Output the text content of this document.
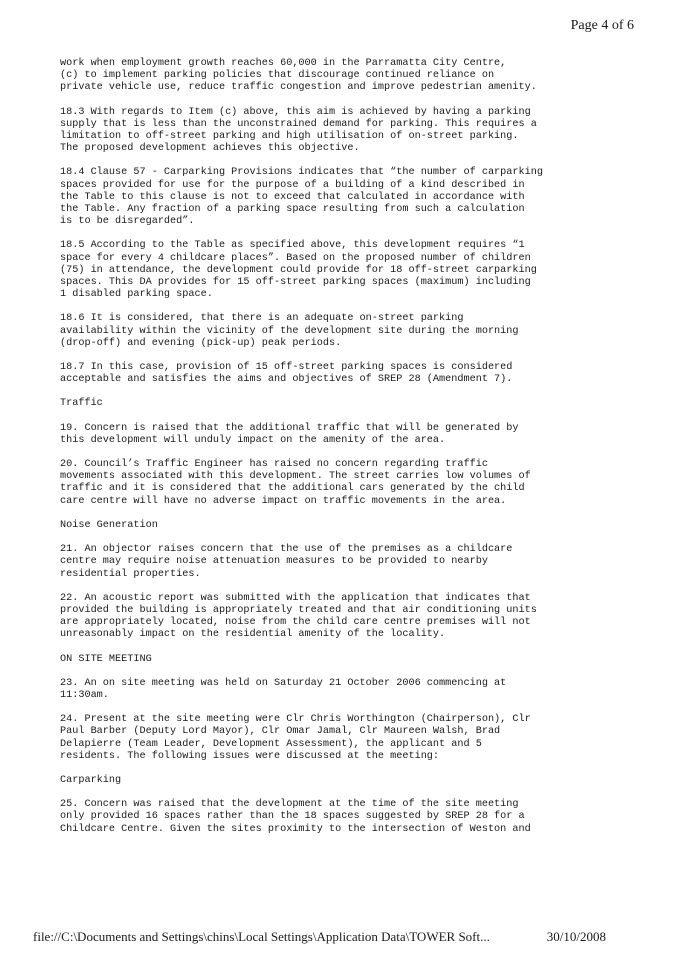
Page 4 of 6

work when employment growth reaches 60,000 in the Parramatta City Centre,
(c) to implement parking policies that discourage continued reliance on
private vehicle use, reduce traffic congestion and improve pedestrian amenity.

18.3 With regards to Item (c) above, this aim is achieved by having a parking
supply that is less than the unconstrained demand for parking. This requires a
limitation to off-street parking and high utilisation of on-street parking.
The proposed development achieves this objective.

18.4 Clause 57 - Carparking Provisions indicates that “the number of carparking
spaces provided for use for the purpose of a building of a kind described in
the Table to this clause is not to exceed that calculated in accordance with
the Table. Any fraction of a parking space resulting from such a calculation
is to be disregarded”.

18.5 According to the Table as specified above, this development requires “1
space for every 4 childcare places”. Based on the proposed number of children
(75) in attendance, the development could provide for 18 off-street carparking
spaces. This DA provides for 15 off-street parking spaces (maximum) including
1 disabled parking space.

18.6 It is considered, that there is an adequate on-street parking
availability within the vicinity of the development site during the morning
(drop-off) and evening (pick-up) peak periods.

18.7 In this case, provision of 15 off-street parking spaces is considered
acceptable and satisfies the aims and objectives of SREP 28 (Amendment 7).

Traffic

19. Concern is raised that the additional traffic that will be generated by
this development will unduly impact on the amenity of the area.

20. Council’s Traffic Engineer has raised no concern regarding traffic
movements associated with this development. The street carries low volumes of
traffic and it is considered that the additional cars generated by the child
care centre will have no adverse impact on traffic movements in the area.

Noise Generation

21. An objector raises concern that the use of the premises as a childcare
centre may require noise attenuation measures to be provided to nearby
residential properties.

22. An acoustic report was submitted with the application that indicates that
provided the building is appropriately treated and that air conditioning units
are appropriately located, noise from the child care centre premises will not
unreasonably impact on the residential amenity of the locality.

ON SITE MEETING

23. An on site meeting was held on Saturday 21 October 2006 commencing at
11:30am.

24. Present at the site meeting were Clr Chris Worthington (Chairperson), Clr
Paul Barber (Deputy Lord Mayor), Clr Omar Jamal, Clr Maureen Walsh, Brad
Delapierre (Team Leader, Development Assessment), the applicant and 5
residents. The following issues were discussed at the meeting:

Carparking

25. Concern was raised that the development at the time of the site meeting
only provided 16 spaces rather than the 18 spaces suggested by SREP 28 for a
Childcare Centre. Given the sites proximity to the intersection of Weston and

file://C:\Documents and Settings\chins\Local Settings\Application Data\TOWER Soft...	30/10/2008
